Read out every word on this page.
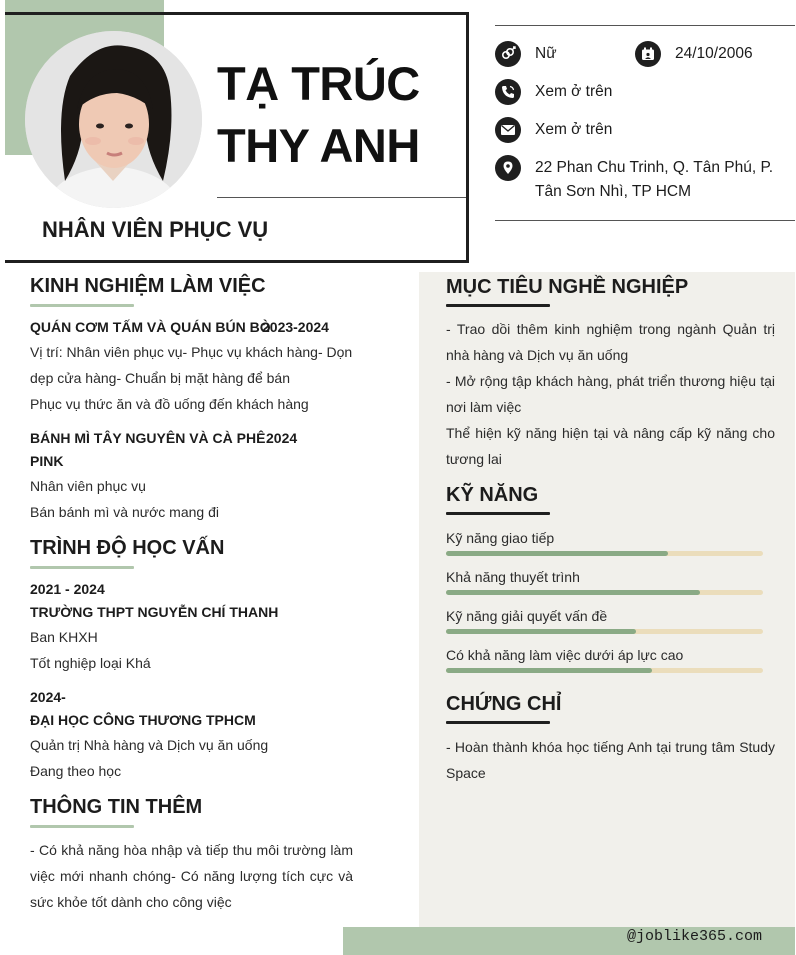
TẠ TRÚC
THY ANH
NHÂN VIÊN PHỤC VỤ
Nữ	24/10/2006
Xem ở trên
Xem ở trên
22 Phan Chu Trinh, Q. Tân Phú, P.
Tân Sơn Nhì, TP HCM
KINH NGHIỆM LÀM VIỆC
QUÁN CƠM TẤM VÀ QUÁN BÚN BÒ
2023-2024
Vị trí: Nhân viên phục vụ- Phục vụ khách hàng- Dọn
dẹp cửa hàng- Chuẩn bị mặt hàng để bán
Phục vụ thức ăn và đồ uống đến khách hàng
BÁNH MÌ TÂY NGUYÊN VÀ CÀ PHÊ 2024
PINK
Nhân viên phục vụ
Bán bánh mì và nước mang đi
TRÌNH ĐỘ HỌC VẤN
2021 - 2024
TRƯỜNG THPT NGUYỄN CHÍ THANH
Ban KHXH
Tốt nghiệp loại Khá
2024-
ĐẠI HỌC CÔNG THƯƠNG TPHCM
Quản trị Nhà hàng và Dịch vụ ăn uống
Đang theo học
THÔNG TIN THÊM
- Có khả năng hòa nhập và tiếp thu môi trường làm
việc mới nhanh chóng- Có năng lượng tích cực và
sức khỏe tốt dành cho công việc
MỤC TIÊU NGHỀ NGHIỆP
- Trao dồi thêm kinh nghiệm trong ngành Quản trị
nhà hàng và Dịch vụ ăn uống
- Mở rộng tập khách hàng, phát triển thương hiệu tại
nơi làm việc
Thể hiện kỹ năng hiện tại và nâng cấp kỹ năng cho
tương lai
KỸ NĂNG
Kỹ năng giao tiếp
Khả năng thuyết trình
Kỹ năng giải quyết vấn đề
Có khả năng làm việc dưới áp lực cao
CHỨNG CHỈ
- Hoàn thành khóa học tiếng Anh tại trung tâm Study
Space
@joblike365.com
